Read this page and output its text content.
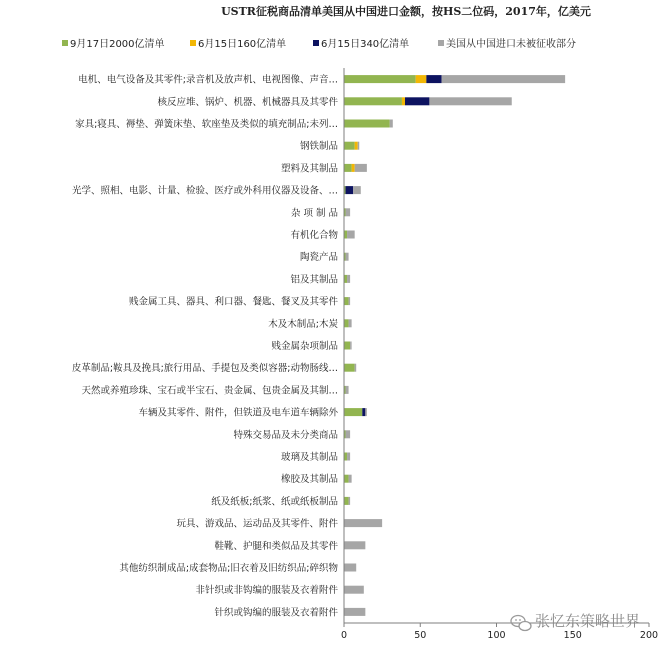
USTR征税商品清单美国从中国进口金额，按HS二位码，2017年，亿美元
9月17日2000亿清单	6月15日160亿清单	6月15日340亿清单	美国从中国进口未被征收部分
电机、电气设备及其零件;录音机及放声机、电视图像、声音…
核反应堆、锅炉、机器、机械器具及其零件
家具;寝具、褥垫、弹簧床垫、软座垫及类似的填充制品;未列…
钢铁制品
塑料及其制品
光学、照相、电影、计量、检验、医疗或外科用仪器及设备、…
杂 项 制 品
有机化合物
陶瓷产品
铝及其制品
贱金属工具、器具、利口器、餐匙、餐叉及其零件
木及木制品;木炭
贱金属杂项制品
皮革制品;鞍具及挽具;旅行用品、手提包及类似容器;动物肠线…
天然或养殖珍珠、宝石或半宝石、贵金属、包贵金属及其制…
车辆及其零件、附件，但铁道及电车道车辆除外
特殊交易品及未分类商品
玻璃及其制品
橡胶及其制品
纸及纸板;纸浆、纸或纸板制品
玩具、游戏品、运动品及其零件、附件
鞋靴、护腿和类似品及其零件
其他纺织制成品;成套物品;旧衣着及旧纺织品;碎织物
非针织或非钩编的服装及衣着附件
针织或钩编的服装及衣着附件
0	50	100	150	200
张忆东策略世界
